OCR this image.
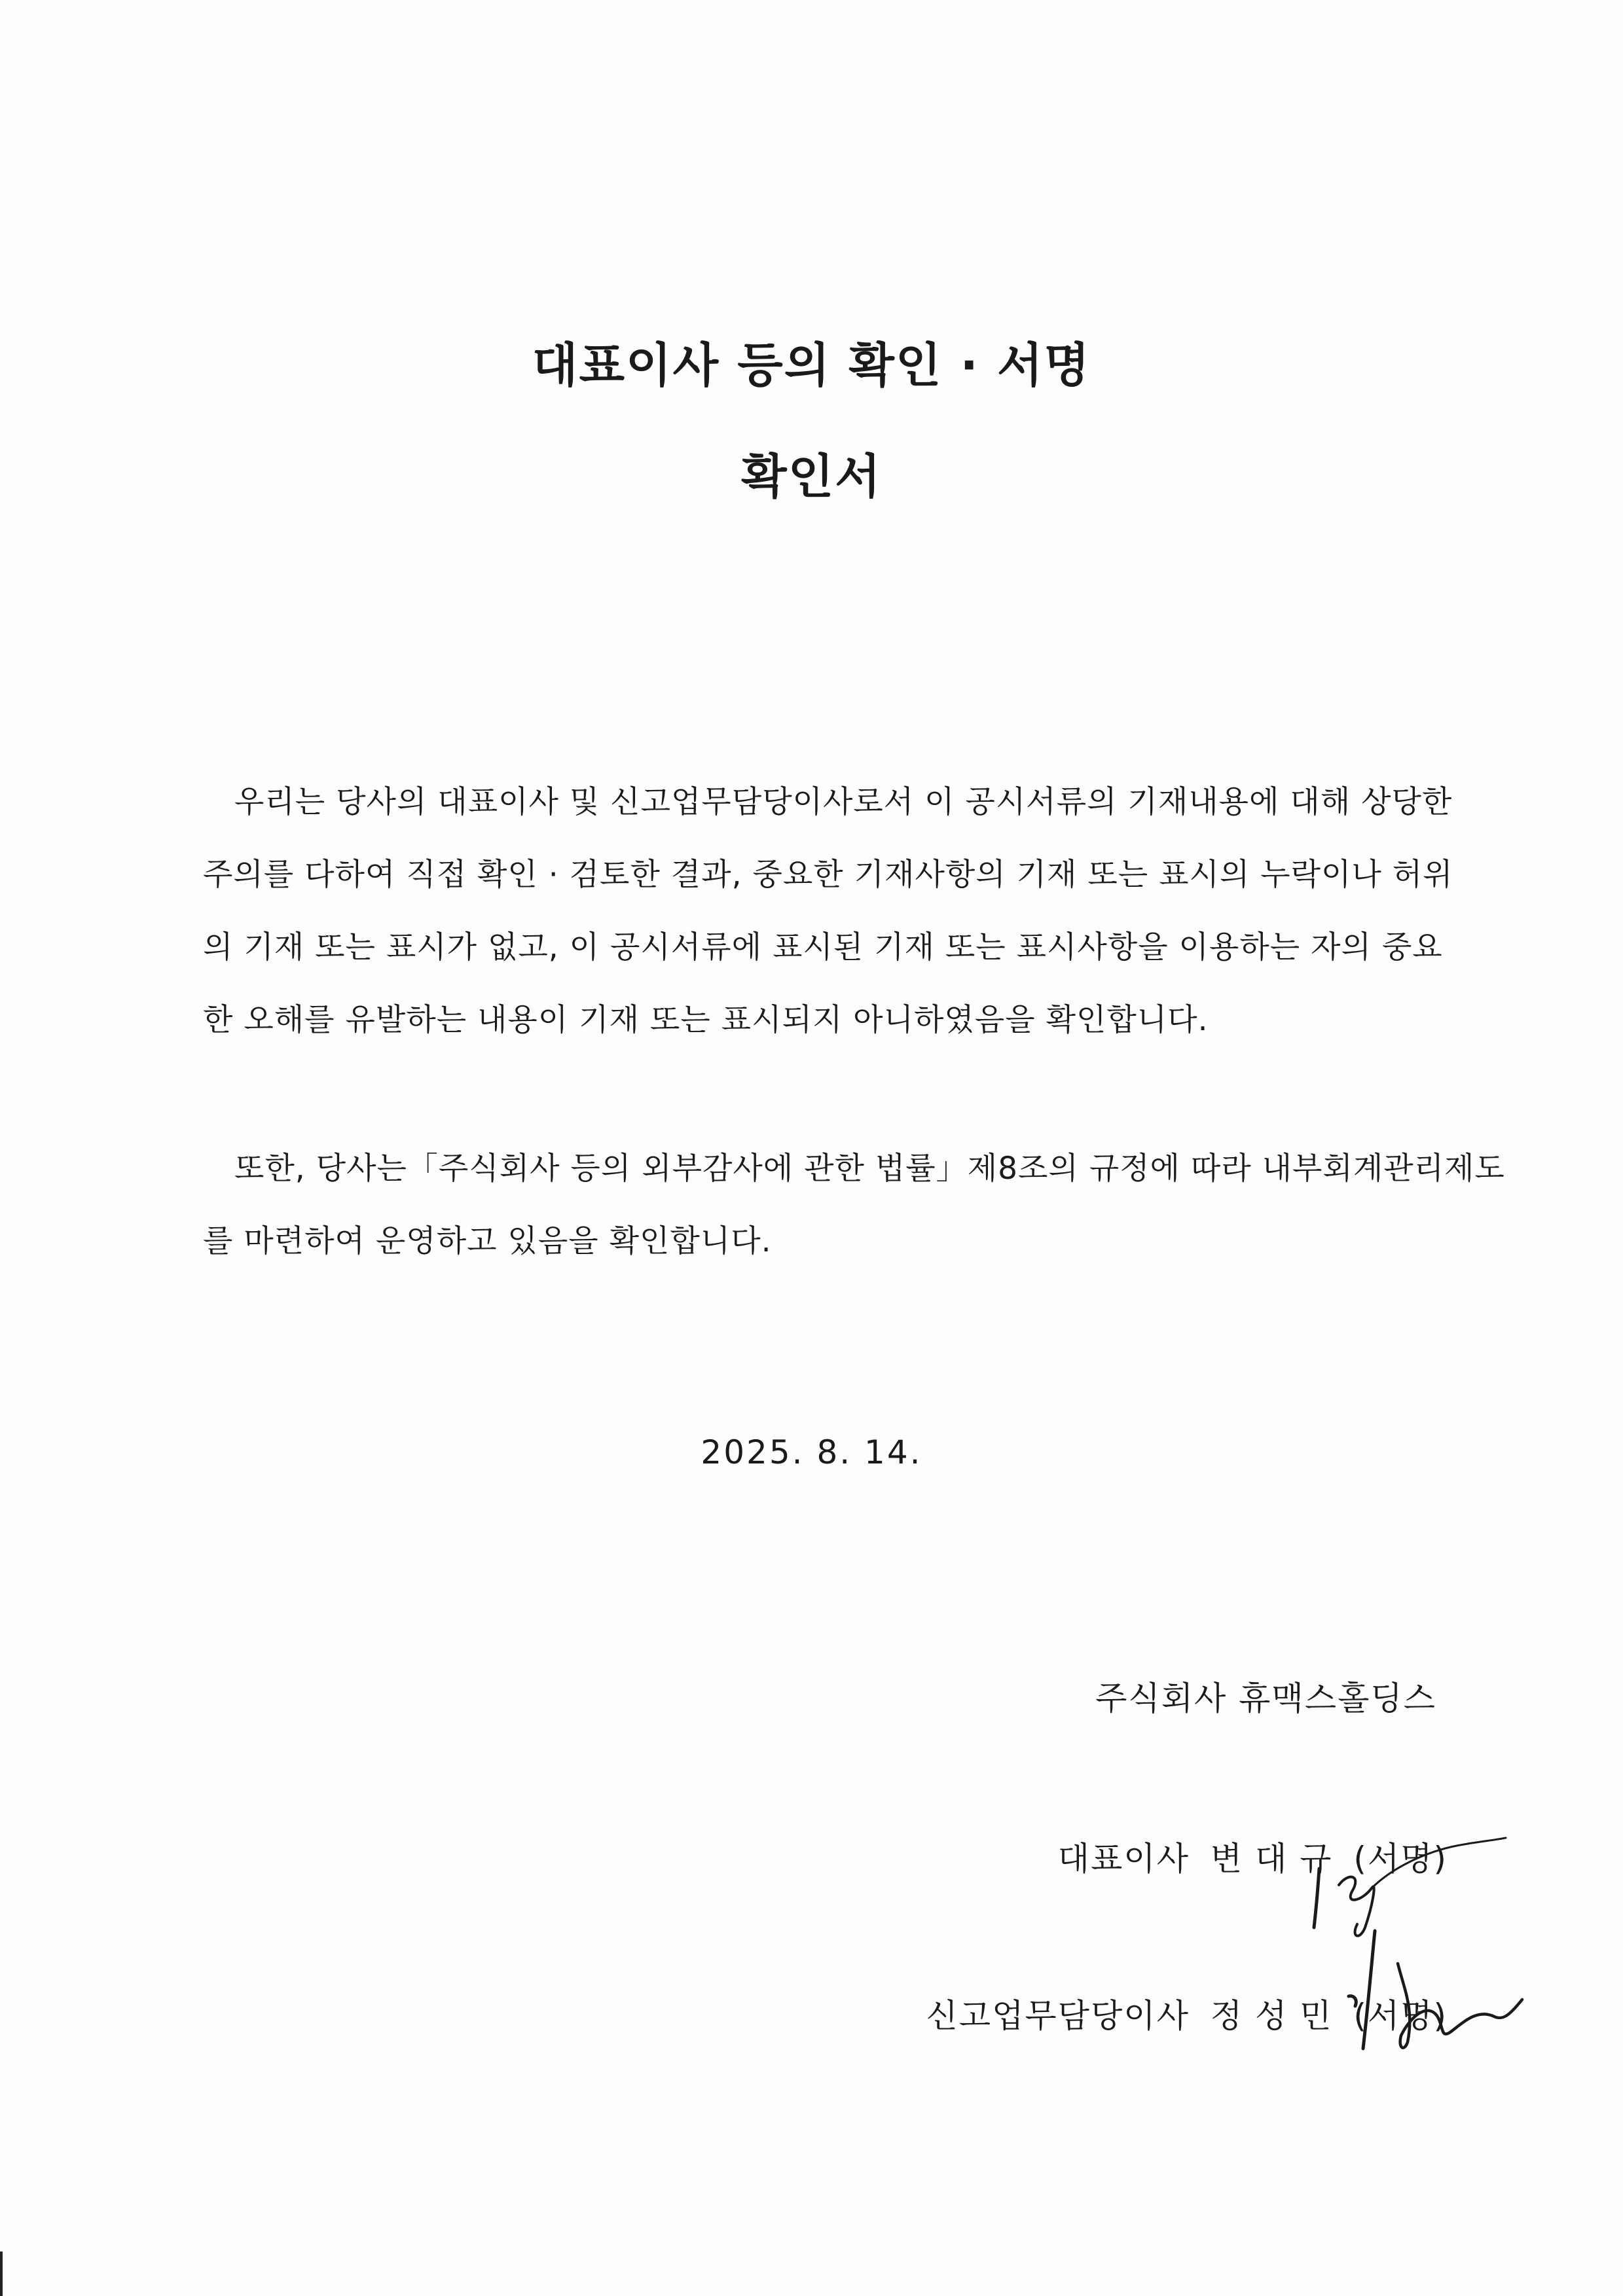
대표이사 등의 확인 · 서명
확인서
우리는 당사의 대표이사 및 신고업무담당이사로서 이 공시서류의 기재내용에 대해 상당한
주의를 다하여 직접 확인 · 검토한 결과, 중요한 기재사항의 기재 또는 표시의 누락이나 허위
의 기재 또는 표시가 없고, 이 공시서류에 표시된 기재 또는 표시사항을 이용하는 자의 중요
한 오해를 유발하는 내용이 기재 또는 표시되지 아니하였음을 확인합니다.
또한, 당사는「주식회사 등의 외부감사에 관한 법률」제8조의 규정에 따라 내부회계관리제도
를 마련하여 운영하고 있음을 확인합니다.
2025. 8. 14.
주식회사 휴맥스홀딩스
대표이사 변 대 규 (서명)
신고업무담당이사 정 성 민 (서명)
